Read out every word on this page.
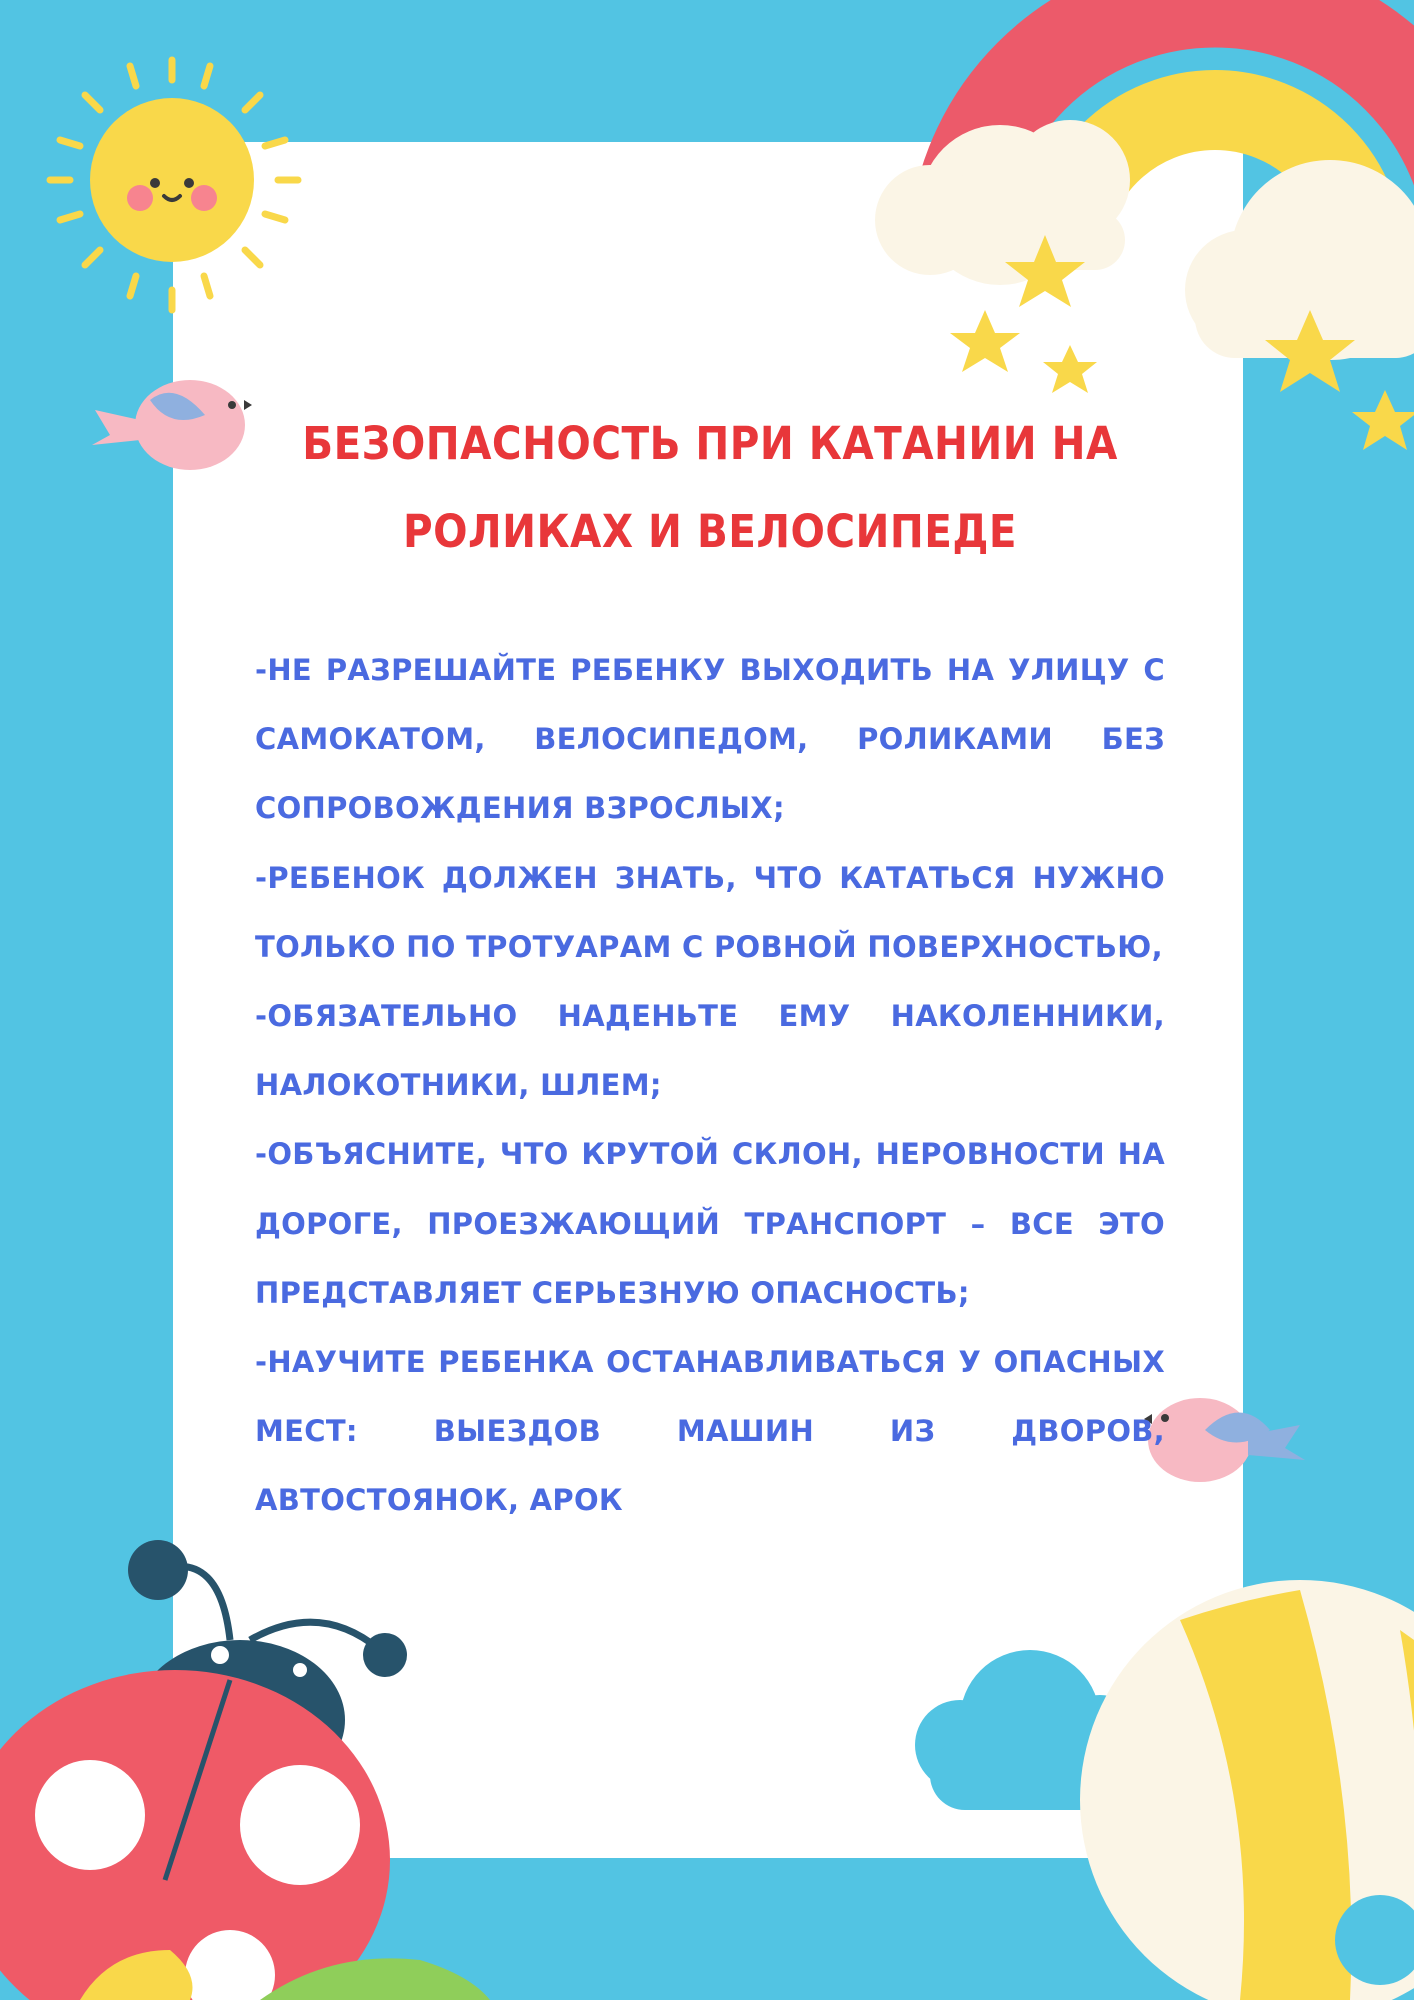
БЕЗОПАСНОСТЬ ПРИ КАТАНИИ НА РОЛИКАХ И ВЕЛОСИПЕДЕ

-НЕ РАЗРЕШАЙТЕ РЕБЕНКУ ВЫХОДИТЬ НА УЛИЦУ С САМОКАТОМ, ВЕЛОСИПЕДОМ, РОЛИКАМИ БЕЗ СОПРОВОЖДЕНИЯ ВЗРОСЛЫХ;

-РЕБЕНОК ДОЛЖЕН ЗНАТЬ, ЧТО КАТАТЬСЯ НУЖНО ТОЛЬКО ПО ТРОТУАРАМ С РОВНОЙ ПОВЕРХНОСТЬЮ,

-ОБЯЗАТЕЛЬНО НАДЕНЬТЕ ЕМУ НАКОЛЕННИКИ, НАЛОКОТНИКИ, ШЛЕМ;

-ОБЪЯСНИТЕ, ЧТО КРУТОЙ СКЛОН, НЕРОВНОСТИ НА ДОРОГЕ, ПРОЕЗЖАЮЩИЙ ТРАНСПОРТ – ВСЕ ЭТО ПРЕДСТАВЛЯЕТ СЕРЬЕЗНУЮ ОПАСНОСТЬ;

-НАУЧИТЕ РЕБЕНКА ОСТАНАВЛИВАТЬСЯ У ОПАСНЫХ МЕСТ: ВЫЕЗДОВ МАШИН ИЗ ДВОРОВ, АВТОСТОЯНОК, АРОК
